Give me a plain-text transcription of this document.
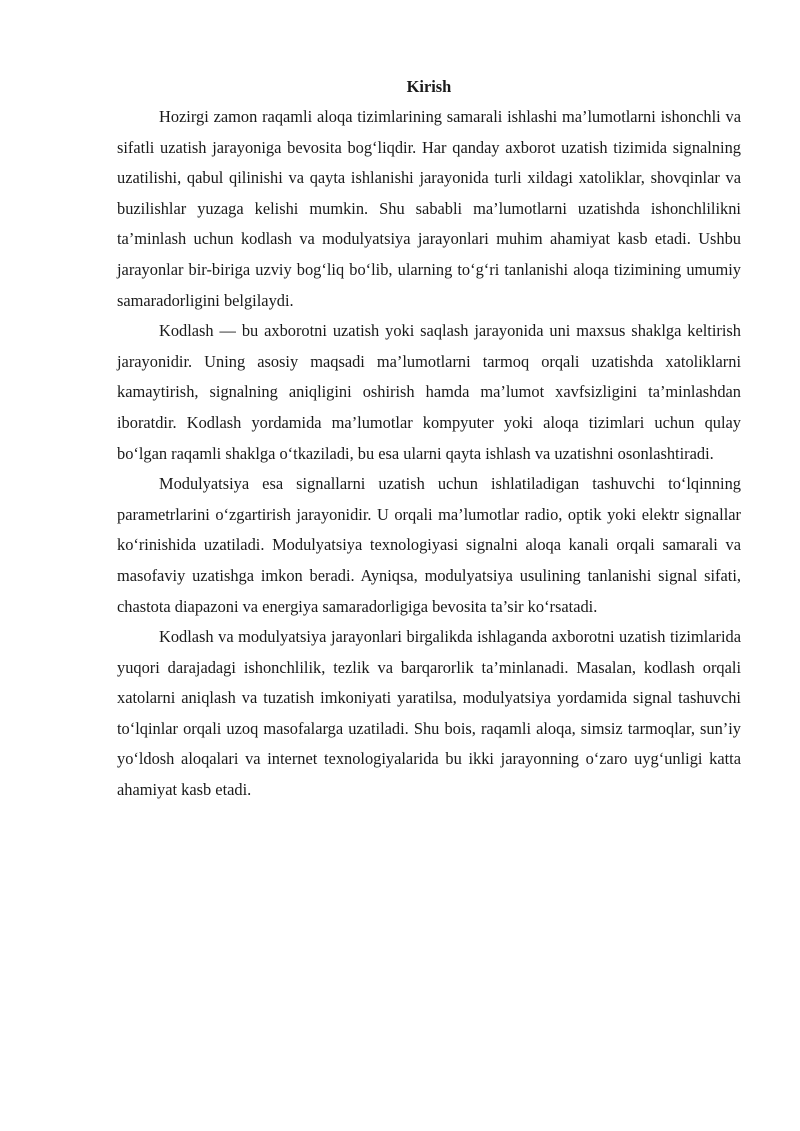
Kirish

Hozirgi zamon raqamli aloqa tizimlarining samarali ishlashi ma’lumotlarni ishonchli va sifatli uzatish jarayoniga bevosita bog‘liqdir. Har qanday axborot uzatish tizimida signalning uzatilishi, qabul qilinishi va qayta ishlanishi jarayonida turli xildagi xatoliklar, shovqinlar va buzilishlar yuzaga kelishi mumkin. Shu sababli ma’lumotlarni uzatishda ishonchlilikni ta’minlash uchun kodlash va modulyatsiya jarayonlari muhim ahamiyat kasb etadi. Ushbu jarayonlar bir-biriga uzviy bog‘liq bo‘lib, ularning to‘g‘ri tanlanishi aloqa tizimining umumiy samaradorligini belgilaydi.

Kodlash — bu axborotni uzatish yoki saqlash jarayonida uni maxsus shaklga keltirish jarayonidir. Uning asosiy maqsadi ma’lumotlarni tarmoq orqali uzatishda xatoliklarni kamaytirish, signalning aniqligini oshirish hamda ma’lumot xavfsizligini ta’minlashdan iboratdir. Kodlash yordamida ma’lumotlar kompyuter yoki aloqa tizimlari uchun qulay bo‘lgan raqamli shaklga o‘tkaziladi, bu esa ularni qayta ishlash va uzatishni osonlashtiradi.

Modulyatsiya esa signallarni uzatish uchun ishlatiladigan tashuvchi to‘lqinning parametrlarini o‘zgartirish jarayonidir. U orqali ma’lumotlar radio, optik yoki elektr signallar ko‘rinishida uzatiladi. Modulyatsiya texnologiyasi signalni aloqa kanali orqali samarali va masofaviy uzatishga imkon beradi. Ayniqsa, modulyatsiya usulining tanlanishi signal sifati, chastota diapazoni va energiya samaradorligiga bevosita ta’sir ko‘rsatadi.

Kodlash va modulyatsiya jarayonlari birgalikda ishlaganda axborotni uzatish tizimlarida yuqori darajadagi ishonchlilik, tezlik va barqarorlik ta’minlanadi. Masalan, kodlash orqali xatolarni aniqlash va tuzatish imkoniyati yaratilsa, modulyatsiya yordamida signal tashuvchi to‘lqinlar orqali uzoq masofalarga uzatiladi. Shu bois, raqamli aloqa, simsiz tarmoqlar, sun’iy yo‘ldosh aloqalari va internet texnologiyalarida bu ikki jarayonning o‘zaro uyg‘unligi katta ahamiyat kasb etadi.
